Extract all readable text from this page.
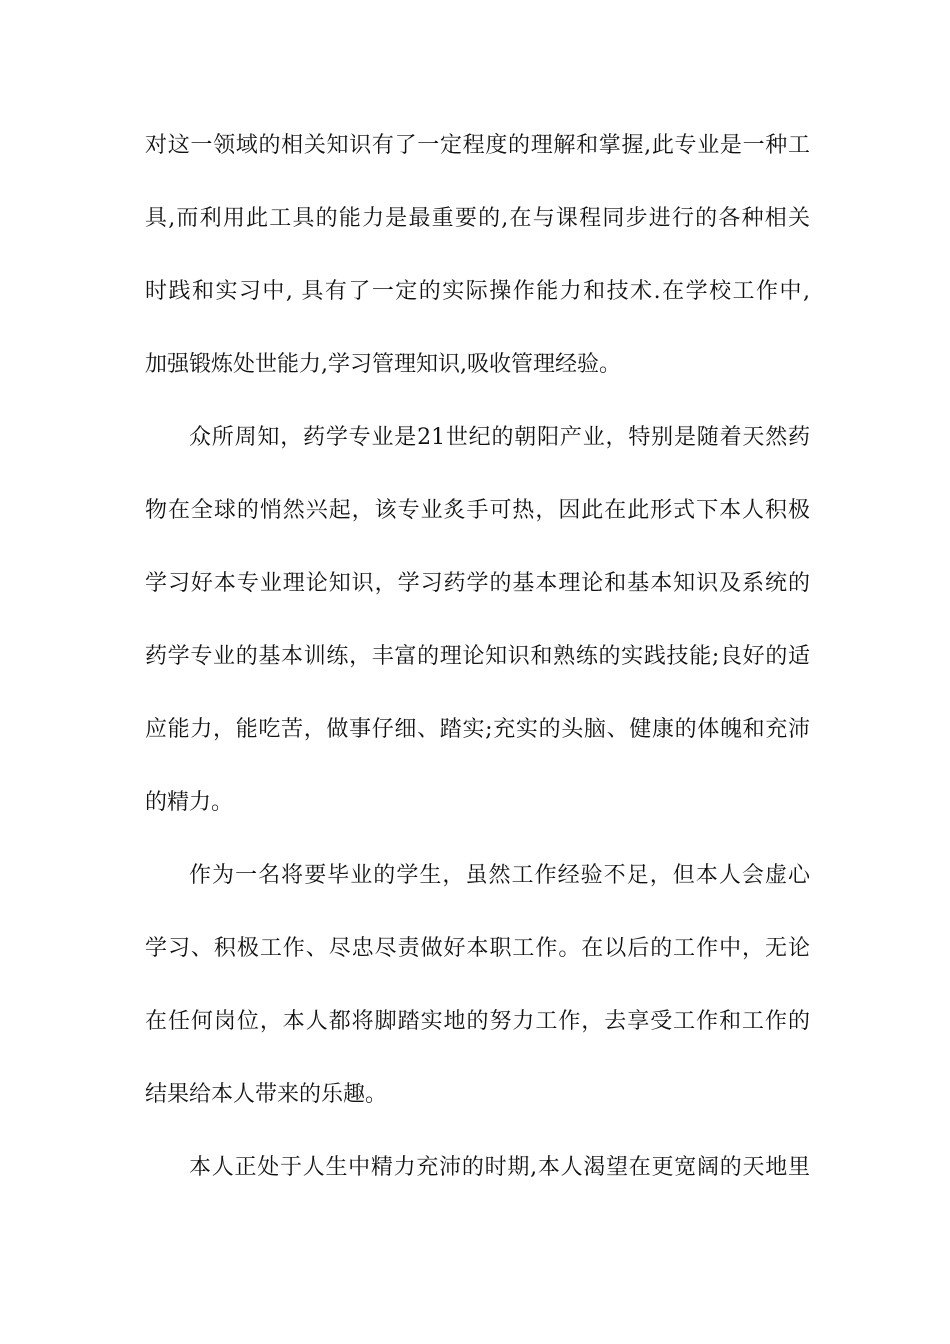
对这一领域的相关知识有了一定程度的理解和掌握,此专业是一种工
具,而利用此工具的能力是最重要的,在与课程同步进行的各种相关
时践和实习中, 具有了一定的实际操作能力和技术.在学校工作中,
加强锻炼处世能力,学习管理知识,吸收管理经验。
众所周知，药学专业是21世纪的朝阳产业，特别是随着天然药
物在全球的悄然兴起，该专业炙手可热，因此在此形式下本人积极
学习好本专业理论知识，学习药学的基本理论和基本知识及系统的
药学专业的基本训练，丰富的理论知识和熟练的实践技能;良好的适
应能力，能吃苦，做事仔细、踏实;充实的头脑、健康的体魄和充沛
的精力。
作为一名将要毕业的学生，虽然工作经验不足，但本人会虚心
学习、积极工作、尽忠尽责做好本职工作。在以后的工作中，无论
在任何岗位，本人都将脚踏实地的努力工作，去享受工作和工作的
结果给本人带来的乐趣。
本人正处于人生中精力充沛的时期,本人渴望在更宽阔的天地里
